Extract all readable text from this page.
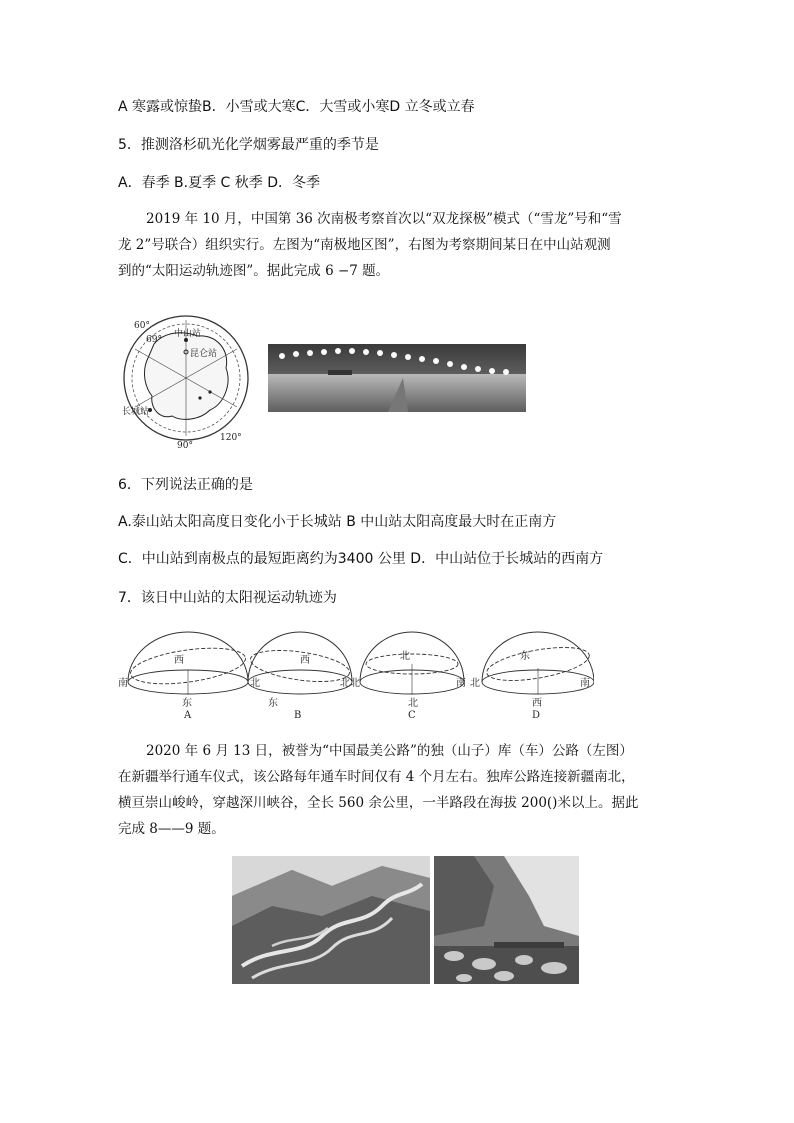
A 寒露或惊蛰B．小雪或大寒C．大雪或小寒D 立冬或立春
5．推测洛杉矶光化学烟雾最严重的季节是
A．春季 B.夏季 C 秋季 D．冬季

2019 年 10 月，中国第 36 次南极考察首次以“双龙探极”模式（“雪龙”号和“雪

龙 2”号联合）组织实行。左图为“南极地区图”，右图为考察期间某日在中山站观测

到的“太阳运动轨迹图”。据此完成 6 −7 题。

60°
69°
中山站
昆仑站
长城站
90°
120°
6．下列说法正确的是
A.泰山站太阳高度日变化小于长城站 B 中山站太阳高度最大时在正南方
C．中山站到南极点的最短距离约为3400 公里 D．中山站位于长城站的西南方
7．该日中山站的太阳视运动轨迹为
南	北
西
东
A
东
北
西
B
北	南
北
北
C
北	南
东
西
D

2020 年 6 月 13 日，被誉为“中国最美公路”的独（山子）库（车）公路（左图）

在新疆举行通车仪式，该公路每年通车时间仅有 4 个月左右。独库公路连接新疆南北，

横亘崇山峻岭，穿越深川峡谷，全长 560 余公里，一半路段在海拔 200()米以上。据此

完成 8——9 题。
